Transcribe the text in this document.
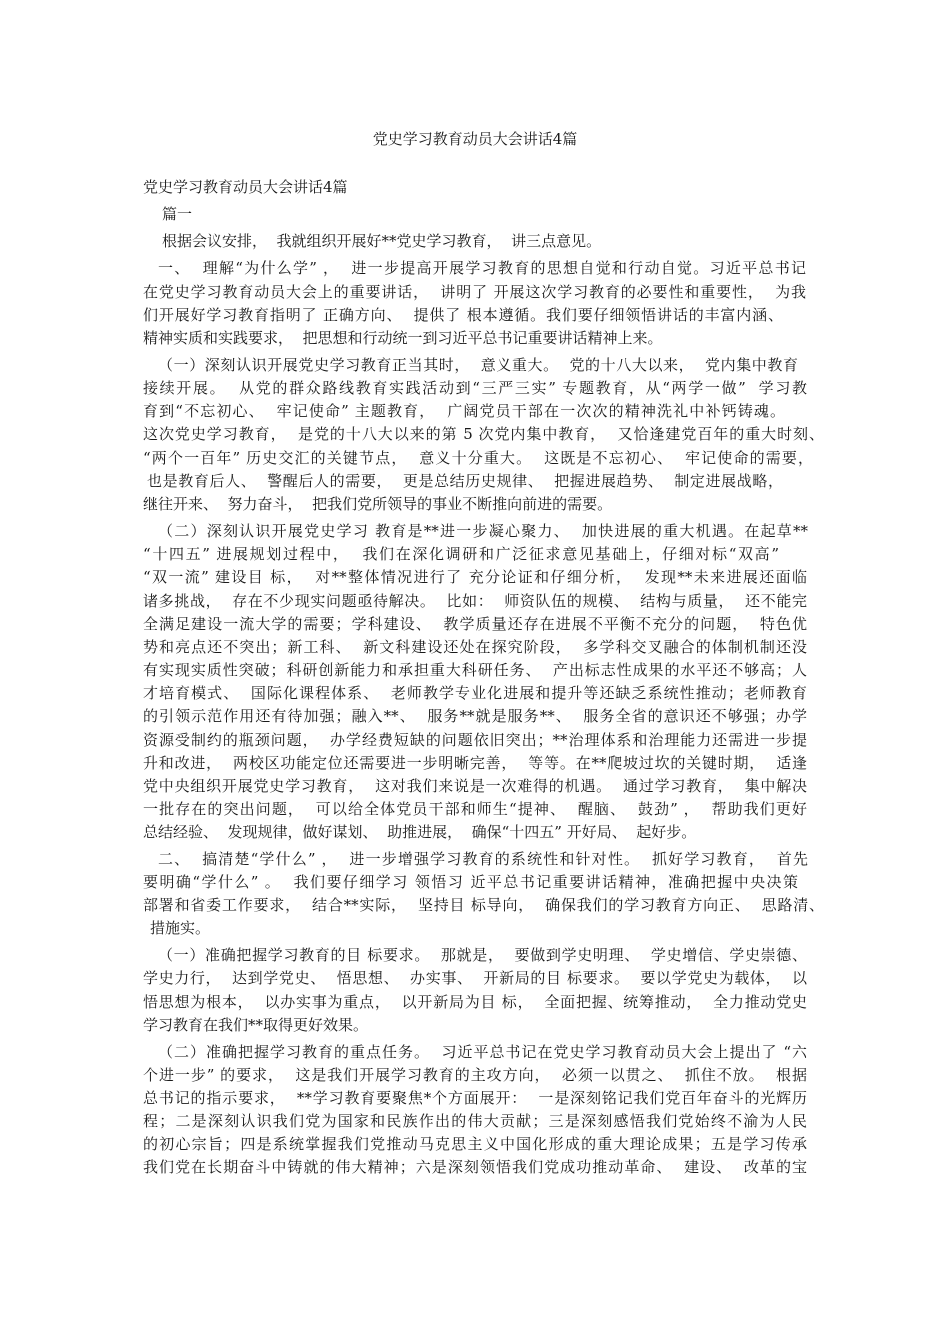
党史学习教育动员大会讲话4篇
党史学习教育动员大会讲话4篇
篇一
根据会议安排，  我就组织开展好**党史学习教育，  讲三点意见。
一、  理解“为什么学” ，  进一步提高开展学习教育的思想自觉和行动自觉。习近平总书记
在党史学习教育动员大会上的重要讲话，  讲明了 开展这次学习教育的必要性和重要性，  为我
们开展好学习教育指明了 正确方向、  提供了 根本遵循。我们要仔细领悟讲话的丰富内涵、
精神实质和实践要求，  把思想和行动统一到习近平总书记重要讲话精神上来。
（一）深刻认识开展党史学习教育正当其时，  意义重大。  党的十八大以来，  党内集中教育
接续开展。  从党的群众路线教育实践活动到“三严三实” 专题教育，从“两学一做”  学习教
育到“不忘初心、  牢记使命” 主题教育，  广阔党员干部在一次次的精神洗礼中补钙铸魂。
这次党史学习教育，  是党的十八大以来的第 5 次党内集中教育，  又恰逢建党百年的重大时刻、
“两个一百年” 历史交汇的关键节点，  意义十分重大。  这既是不忘初心、  牢记使命的需要，
也是教育后人、  警醒后人的需要，  更是总结历史规律、  把握进展趋势、  制定进展战略，
继往开来、  努力奋斗，  把我们党所领导的事业不断推向前进的需要。
（二）深刻认识开展党史学习 教育是**进一步凝心聚力、  加快进展的重大机遇。在起草**
“十四五” 进展规划过程中，  我们在深化调研和广泛征求意见基础上，仔细对标“双高”
“双一流” 建设目 标，  对**整体情况进行了 充分论证和仔细分析，  发现**未来进展还面临
诸多挑战，  存在不少现实问题亟待解决。  比如：  师资队伍的规模、  结构与质量，  还不能完
全满足建设一流大学的需要；学科建设、  教学质量还存在进展不平衡不充分的问题，  特色优
势和亮点还不突出；新工科、  新文科建设还处在探究阶段，  多学科交叉融合的体制机制还没
有实现实质性突破；科研创新能力和承担重大科研任务、  产出标志性成果的水平还不够高；人
才培育模式、  国际化课程体系、  老师教学专业化进展和提升等还缺乏系统性推动；老师教育
的引领示范作用还有待加强；融入**、  服务**就是服务**、  服务全省的意识还不够强；办学
资源受制约的瓶颈问题，  办学经费短缺的问题依旧突出；**治理体系和治理能力还需进一步提
升和改进，  两校区功能定位还需要进一步明晰完善，  等等。在**爬坡过坎的关键时期，  适逢
党中央组织开展党史学习教育，  这对我们来说是一次难得的机遇。  通过学习教育，  集中解决
一批存在的突出问题，  可以给全体党员干部和师生“提神、  醒脑、  鼓劲” ，  帮助我们更好
总结经验、  发现规律，做好谋划、  助推进展，  确保“十四五” 开好局、  起好步。
二、  搞清楚“学什么” ，  进一步增强学习教育的系统性和针对性。  抓好学习教育，  首先
要明确“学什么” 。  我们要仔细学习 领悟习 近平总书记重要讲话精神，准确把握中央决策
部署和省委工作要求，  结合**实际，  坚持目 标导向，  确保我们的学习教育方向正、  思路清、
措施实。
（一）准确把握学习教育的目 标要求。  那就是，  要做到学史明理、  学史增信、学史崇德、
学史力行，  达到学党史、  悟思想、  办实事、  开新局的目 标要求。  要以学党史为载体，  以
悟思想为根本，  以办实事为重点，  以开新局为目 标，  全面把握、统筹推动，  全力推动党史
学习教育在我们**取得更好效果。
（二）准确把握学习教育的重点任务。  习近平总书记在党史学习教育动员大会上提出了 “六
个进一步” 的要求，  这是我们开展学习教育的主攻方向，  必须一以贯之、  抓住不放。  根据
总书记的指示要求，  **学习教育要聚焦*个方面展开：  一是深刻铭记我们党百年奋斗的光辉历
程；二是深刻认识我们党为国家和民族作出的伟大贡献；三是深刻感悟我们党始终不渝为人民
的初心宗旨；四是系统掌握我们党推动马克思主义中国化形成的重大理论成果；五是学习传承
我们党在长期奋斗中铸就的伟大精神；六是深刻领悟我们党成功推动革命、  建设、  改革的宝
